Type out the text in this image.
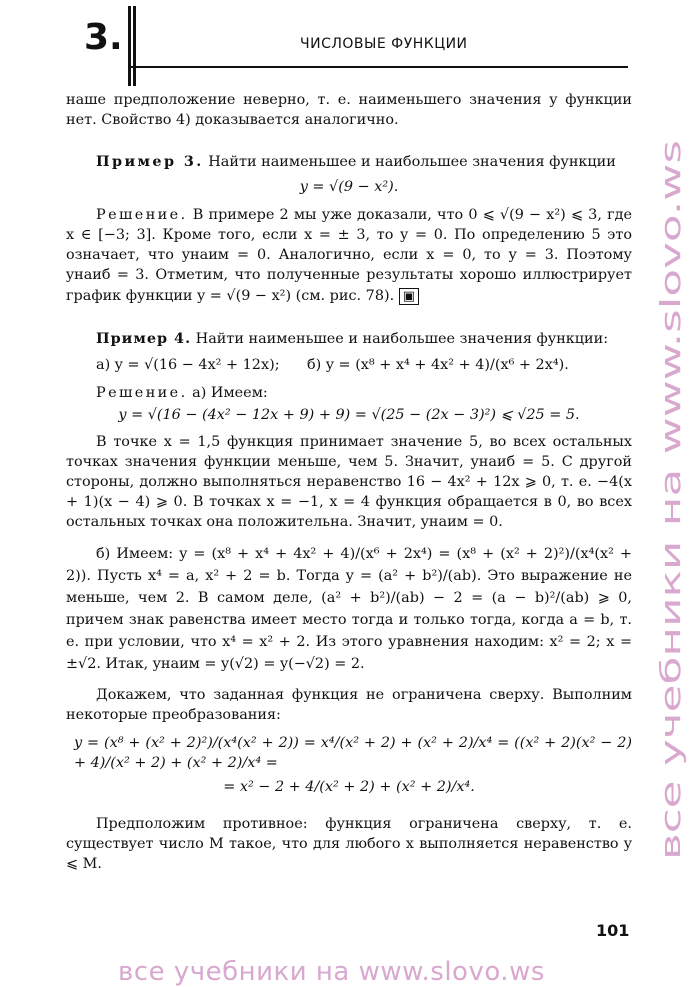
3.	ЧИСЛОВЫЕ ФУНКЦИИ

наше предположение неверно, т. е. наименьшего значения у функции нет. Свойство 4) доказывается аналогично.

Пример 3. Найти наименьшее и наибольшее значения функции

y = √(9 − x²).

Решение. В примере 2 мы уже доказали, что 0 ⩽ √(9 − x²) ⩽ 3, где x ∈ [−3; 3]. Кроме того, если x = ± 3, то y = 0. По определению 5 это означает, что yнаим = 0. Аналогично, если x = 0, то y = 3. Поэтому yнаиб = 3. Отметим, что полученные результаты хорошо иллюстрирует график функции y = √(9 − x²) (см. рис. 78). ▣

Пример 4. Найти наименьшее и наибольшее значения функции:

а) y = √(16 − 4x² + 12x); б) y = (x⁸ + x⁴ + 4x² + 4)/(x⁶ + 2x⁴).

Решение. а) Имеем:

y = √(16 − (4x² − 12x + 9) + 9) = √(25 − (2x − 3)²) ⩽ √25 = 5.

В точке x = 1,5 функция принимает значение 5, во всех остальных точках значения функции меньше, чем 5. Значит, yнаиб = 5. С другой стороны, должно выполняться неравенство 16 − 4x² + 12x ⩾ 0, т. е. −4(x + 1)(x − 4) ⩾ 0. В точках x = −1, x = 4 функция обращается в 0, во всех остальных точках она положительна. Значит, yнаим = 0.

б) Имеем: y = (x⁸ + x⁴ + 4x² + 4)/(x⁶ + 2x⁴) = (x⁸ + (x² + 2)²)/(x⁴(x² + 2)). Пусть x⁴ = a, x² + 2 = b. Тогда y = (a² + b²)/(ab). Это выражение не меньше, чем 2. В самом деле, (a² + b²)/(ab) − 2 = (a − b)²/(ab) ⩾ 0, причем знак равенства имеет место тогда и только тогда, когда a = b, т. е. при условии, что x⁴ = x² + 2. Из этого уравнения находим: x² = 2; x = ±√2. Итак, yнаим = y(√2) = y(−√2) = 2.

Докажем, что заданная функция не ограничена сверху. Выполним некоторые преобразования:

y = (x⁸ + (x² + 2)²)/(x⁴(x² + 2)) = x⁴/(x² + 2) + (x² + 2)/x⁴ = ((x² + 2)(x² − 2) + 4)/(x² + 2) + (x² + 2)/x⁴ =

= x² − 2 + 4/(x² + 2) + (x² + 2)/x⁴.

Предположим противное: функция ограничена сверху, т. е. существует число M такое, что для любого x выполняется неравенство y ⩽ M.

101
все учебники на www.slovo.ws
все учебники на www.slovo.ws
